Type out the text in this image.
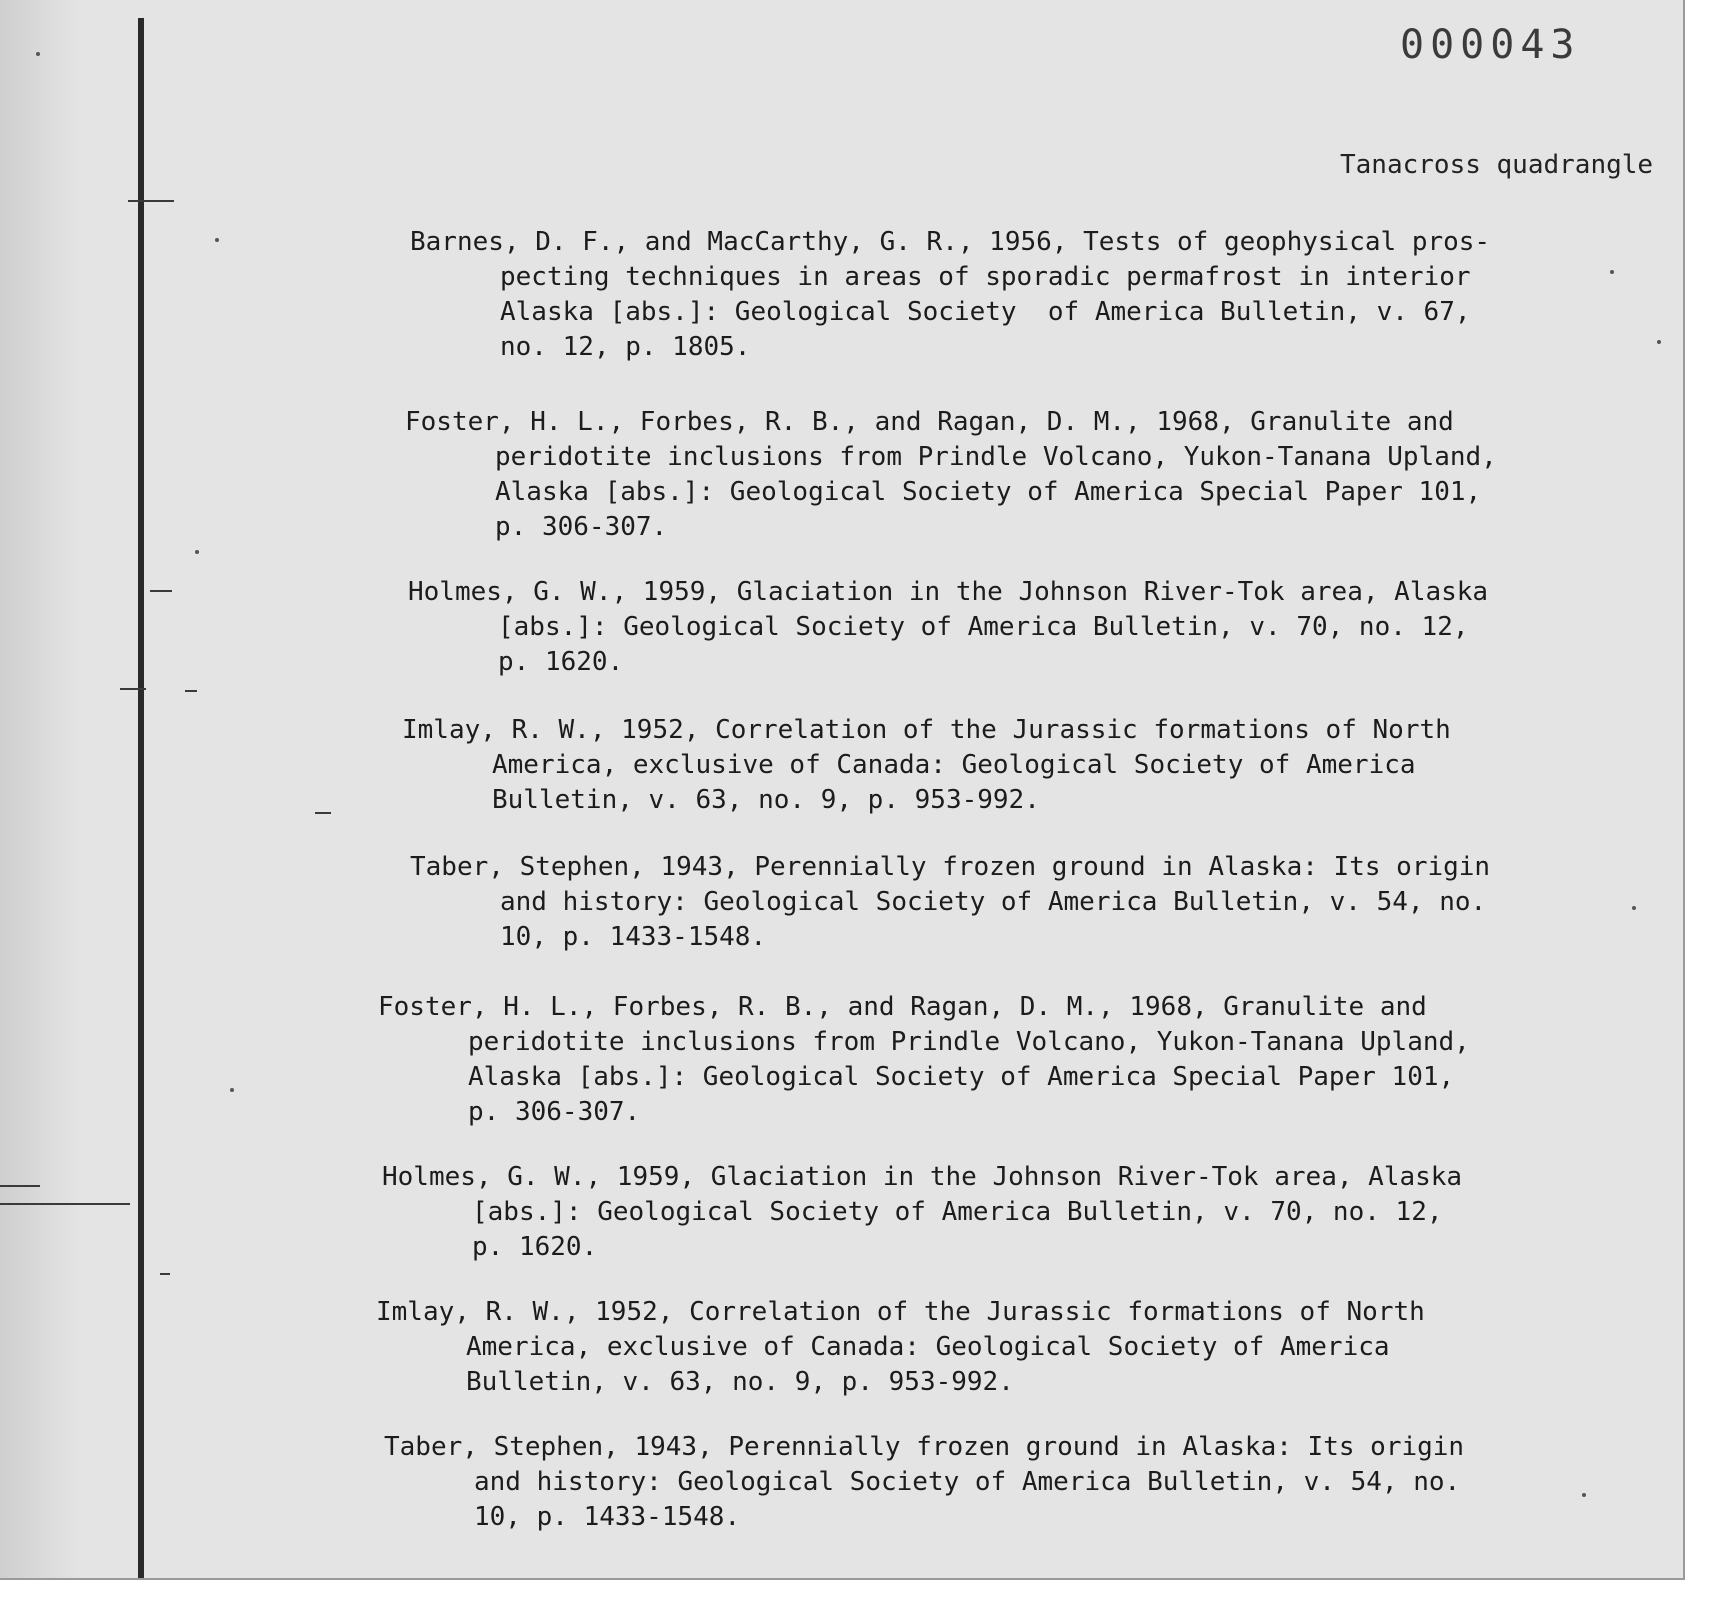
000043
Tanacross quadrangle
Barnes, D. F., and MacCarthy, G. R., 1956, Tests of geophysical pros-
pecting techniques in areas of sporadic permafrost in interior
Alaska [abs.]: Geological Society  of America Bulletin, v. 67,
no. 12, p. 1805.
Foster, H. L., Forbes, R. B., and Ragan, D. M., 1968, Granulite and
peridotite inclusions from Prindle Volcano, Yukon-Tanana Upland,
Alaska [abs.]: Geological Society of America Special Paper 101,
p. 306-307.
Holmes, G. W., 1959, Glaciation in the Johnson River-Tok area, Alaska
[abs.]: Geological Society of America Bulletin, v. 70, no. 12,
p. 1620.
Imlay, R. W., 1952, Correlation of the Jurassic formations of North
America, exclusive of Canada: Geological Society of America
Bulletin, v. 63, no. 9, p. 953-992.
Taber, Stephen, 1943, Perennially frozen ground in Alaska: Its origin
and history: Geological Society of America Bulletin, v. 54, no.
10, p. 1433-1548.
Foster, H. L., Forbes, R. B., and Ragan, D. M., 1968, Granulite and
peridotite inclusions from Prindle Volcano, Yukon-Tanana Upland,
Alaska [abs.]: Geological Society of America Special Paper 101,
p. 306-307.
Holmes, G. W., 1959, Glaciation in the Johnson River-Tok area, Alaska
[abs.]: Geological Society of America Bulletin, v. 70, no. 12,
p. 1620.
Imlay, R. W., 1952, Correlation of the Jurassic formations of North
America, exclusive of Canada: Geological Society of America
Bulletin, v. 63, no. 9, p. 953-992.
Taber, Stephen, 1943, Perennially frozen ground in Alaska: Its origin
and history: Geological Society of America Bulletin, v. 54, no.
10, p. 1433-1548.
